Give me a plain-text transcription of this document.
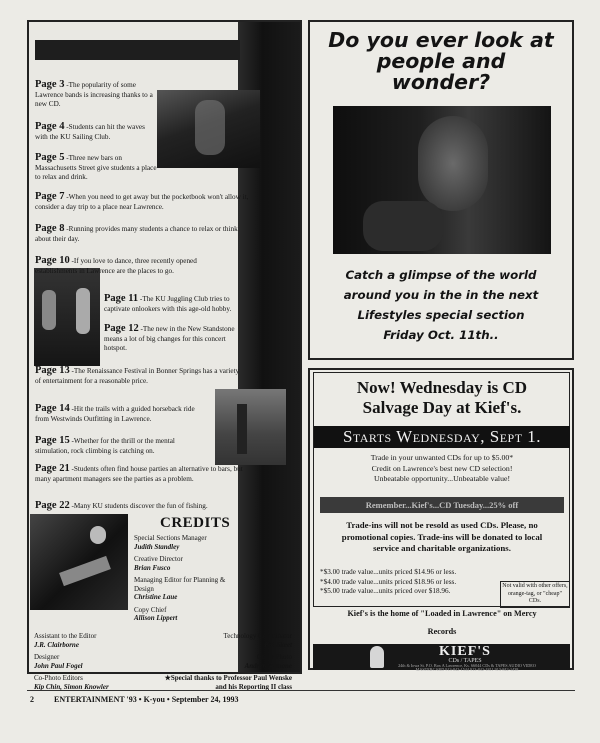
Page 3 -The popularity of some Lawrence bands is increasing thanks to a new CD.
Page 4 -Students can hit the waves with the KU Sailing Club.
Page 5 -Three new bars on Massachusetts Street give students a place to relax and drink.
Page 7 -When you need to get away but the pocketbook won't allow it, consider a day trip to a place near Lawrence.
Page 8 -Running provides many students a chance to relax or think about their day.
Page 10 -If you love to dance, three recently opened establishments in Lawrence are the places to go.
Page 11 -The KU Juggling Club tries to captivate onlookers with this age-old hobby.
Page 12 -The new in the New Standstone means a lot of big changes for this concert hotspot.
Page 13 -The Renaissance Festival in Bonner Springs has a variety of entertainment for a reasonable price.
Page 14 -Hit the trails with a guided horseback ride from Westwinds Outfitting in Lawrence.
Page 15 -Whether for the thrill or the mental stimulation, rock climbing is catching on.
Page 21 -Students often find house parties an alternative to bars, but many apartment managers see the parties as a problem.
Page 22 -Many KU students discover the fun of fishing.
CREDITS
Special Sections Manager
Judith Standley
Creative Director
Brian Fusco
Managing Editor for Planning & Design
Christine Laue
Copy Chief
Allison Lippert
Assistant to the Editor
J.R. Clairborne
Designer
John Paul Fogel
Co-Photo Editors
Kip Chin, Simon Knowler
Technology Coordinator
Bill Skeet
Cover Photo
Andrew Armone
★Special thanks to Professor Paul Wenske and his Reporting II class
2	ENTERTAINMENT '93 • K-you • September 24, 1993
Do you ever look at
people and
wonder?
Catch a glimpse of the world
around you in the in the next
Lifestyles special section
Friday Oct. 11th..
Now! Wednesday is CD
Salvage Day at Kief's.
Starts Wednesday, Sept 1.
Trade in your unwanted CDs for up to $5.00*
Credit on Lawrence's best new CD selection!
Unbeatable opportunity...Unbeatable value!
Remember...Kief's...CD Tuesday...25% off
Trade-ins will not be resold as used CDs. Please, no
promotional copies. Trade-ins will be donated to local
service and charitable organizations.
*$3.00 trade value...units priced $14.96 or less.
*$4.00 trade value...units priced $18.96 or less.
*$5.00 trade value...units priced over $18.96.
Not valid with other offers, orange-tag, or "cheap" CDs.
Kief's is the home of "Loaded in Lawrence" on Mercy
Records
KIEF'S
CDs / TAPES
24th & Iowa St. P.O. Box A Lawrence, Ks. 66044 CDs & TAPES AUDIO VIDEO MASTERCARD 913-842-1544 913-842-1811 913-842-1438
